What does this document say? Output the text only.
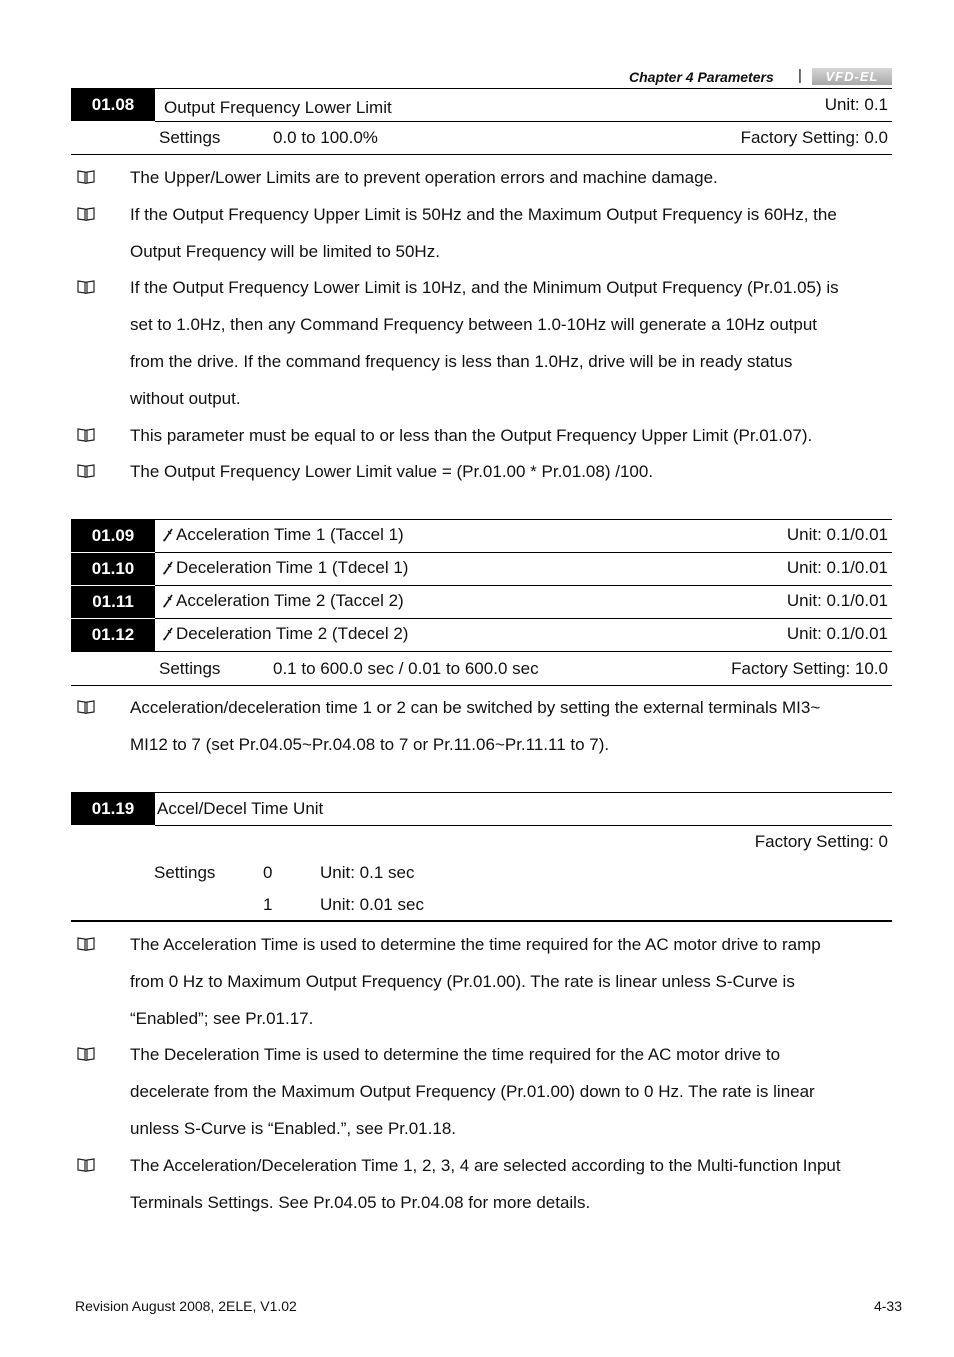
Chapter 4 Parameters |	VFD-EL
01.08	Output Frequency Lower Limit	Unit: 0.1
Settings	0.0 to 100.0%	Factory Setting: 0.0
The Upper/Lower Limits are to prevent operation errors and machine damage.
If the Output Frequency Upper Limit is 50Hz and the Maximum Output Frequency is 60Hz, the
Output Frequency will be limited to 50Hz.
If the Output Frequency Lower Limit is 10Hz, and the Minimum Output Frequency (Pr.01.05) is
set to 1.0Hz, then any Command Frequency between 1.0-10Hz will generate a 10Hz output
from the drive. If the command frequency is less than 1.0Hz, drive will be in ready status
without output.
This parameter must be equal to or less than the Output Frequency Upper Limit (Pr.01.07).
The Output Frequency Lower Limit value = (Pr.01.00 * Pr.01.08) /100.
01.09	Acceleration Time 1 (Taccel 1)	Unit: 0.1/0.01
01.10	Deceleration Time 1 (Tdecel 1)	Unit: 0.1/0.01
01.11	Acceleration Time 2 (Taccel 2)	Unit: 0.1/0.01
01.12	Deceleration Time 2 (Tdecel 2)	Unit: 0.1/0.01
Settings	0.1 to 600.0 sec / 0.01 to 600.0 sec	Factory Setting: 10.0
Acceleration/deceleration time 1 or 2 can be switched by setting the external terminals MI3~
MI12 to 7 (set Pr.04.05~Pr.04.08 to 7 or Pr.11.06~Pr.11.11 to 7).
01.19	Accel/Decel Time Unit
Factory Setting: 0
Settings	0	Unit: 0.1 sec
1	Unit: 0.01 sec
The Acceleration Time is used to determine the time required for the AC motor drive to ramp
from 0 Hz to Maximum Output Frequency (Pr.01.00). The rate is linear unless S-Curve is
“Enabled”; see Pr.01.17.
The Deceleration Time is used to determine the time required for the AC motor drive to
decelerate from the Maximum Output Frequency (Pr.01.00) down to 0 Hz. The rate is linear
unless S-Curve is “Enabled.”, see Pr.01.18.
The Acceleration/Deceleration Time 1, 2, 3, 4 are selected according to the Multi-function Input
Terminals Settings. See Pr.04.05 to Pr.04.08 for more details.
Revision August 2008, 2ELE, V1.02	4-33
